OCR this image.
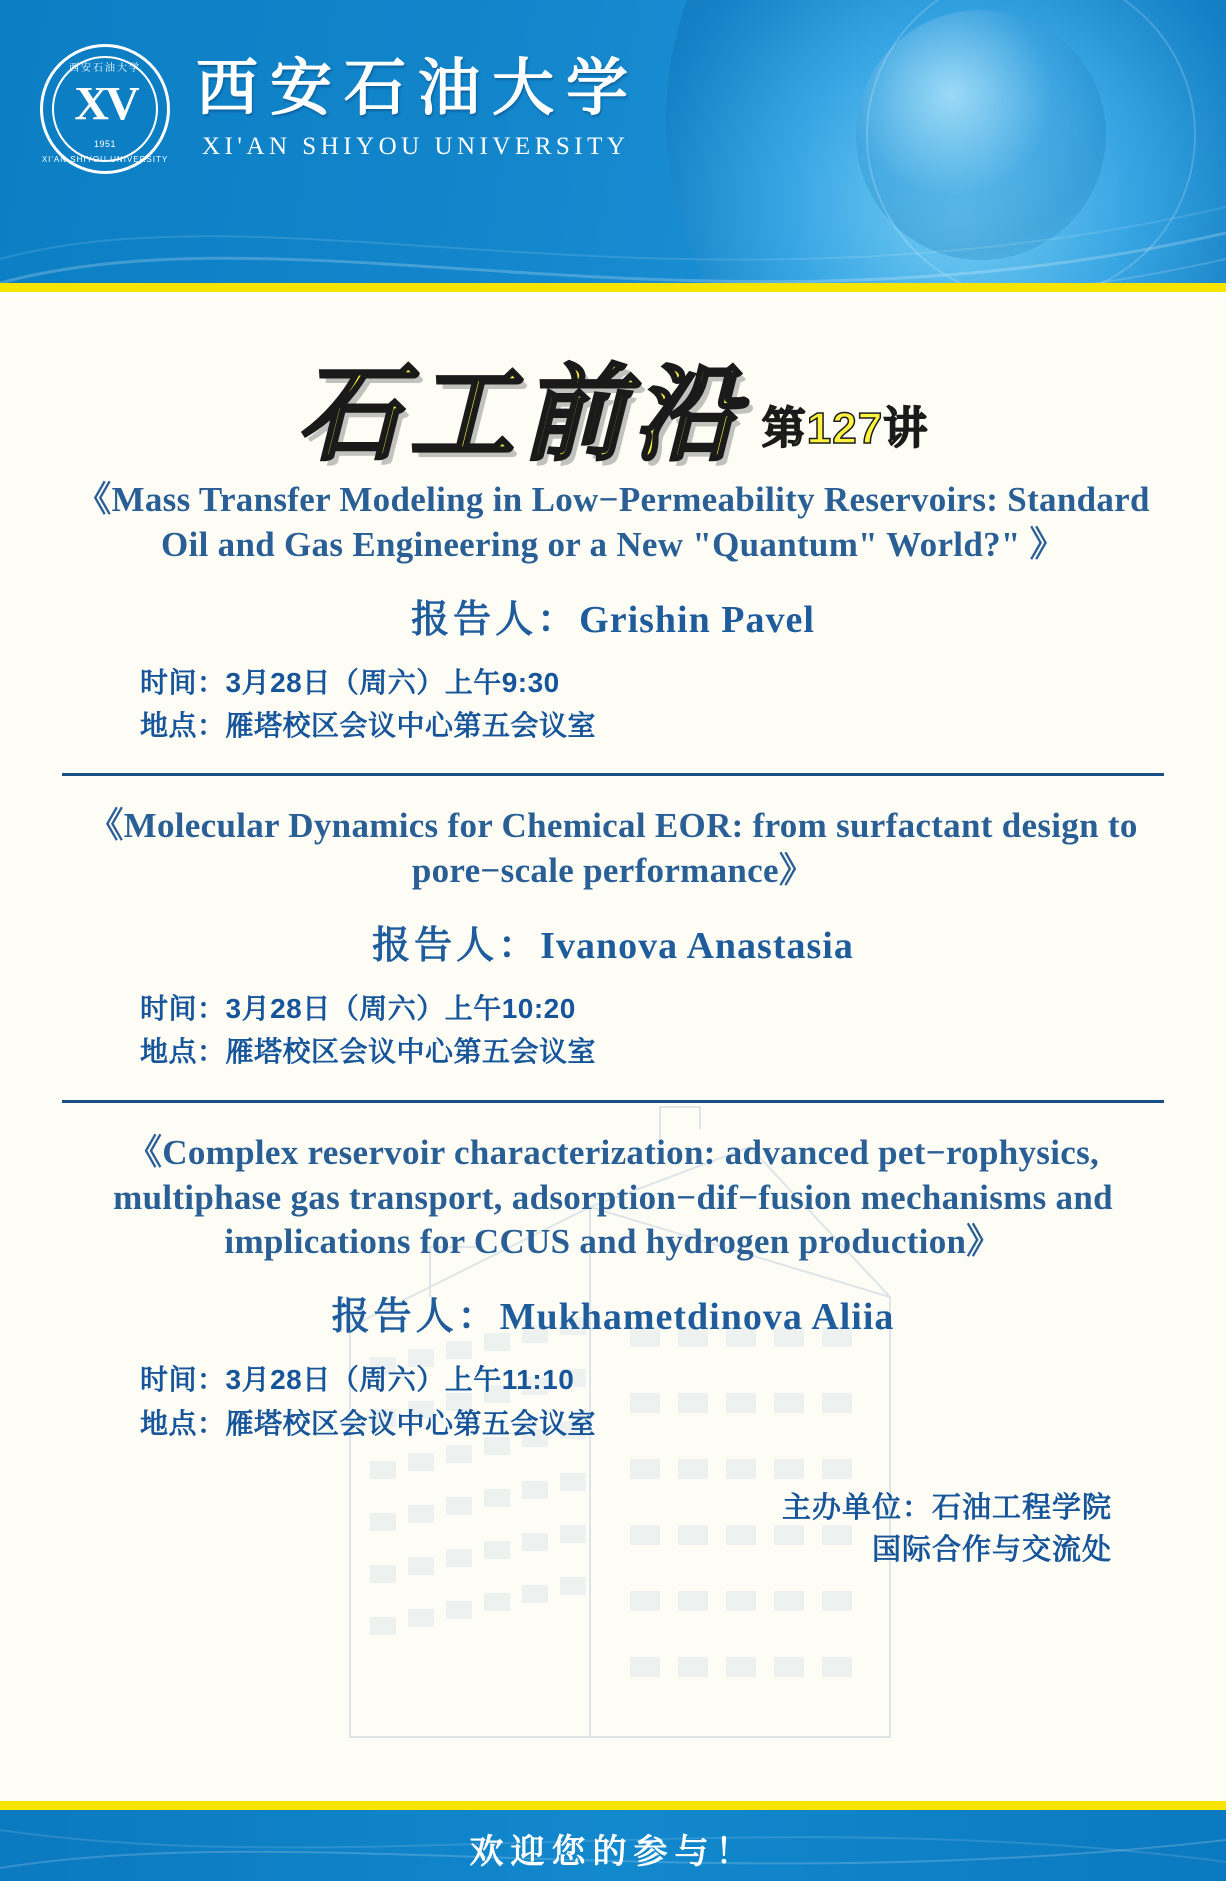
西安石油大学
XV
1951
XI'AN SHIYOU UNIVERSITY
西安石油大学
XI'AN SHIYOU UNIVERSITY
石工前沿 第127讲
《Mass Transfer Modeling in Low−Permeability Reservoirs: Standard Oil and Gas Engineering or a New "Quantum" World?" 》
报告人：Grishin Pavel
时间：3月28日（周六）上午9:30
地点：雁塔校区会议中心第五会议室
《Molecular Dynamics for Chemical EOR: from surfactant design to pore−scale performance》
报告人：Ivanova Anastasia
时间：3月28日（周六）上午10:20
地点：雁塔校区会议中心第五会议室
《Complex reservoir characterization: advanced pet−rophysics, multiphase gas transport, adsorption−dif−fusion mechanisms and implications for CCUS and hydrogen production》
报告人：Mukhametdinova Aliia
时间：3月28日（周六）上午11:10
地点：雁塔校区会议中心第五会议室
主办单位：石油工程学院
国际合作与交流处
欢迎您的参与！
